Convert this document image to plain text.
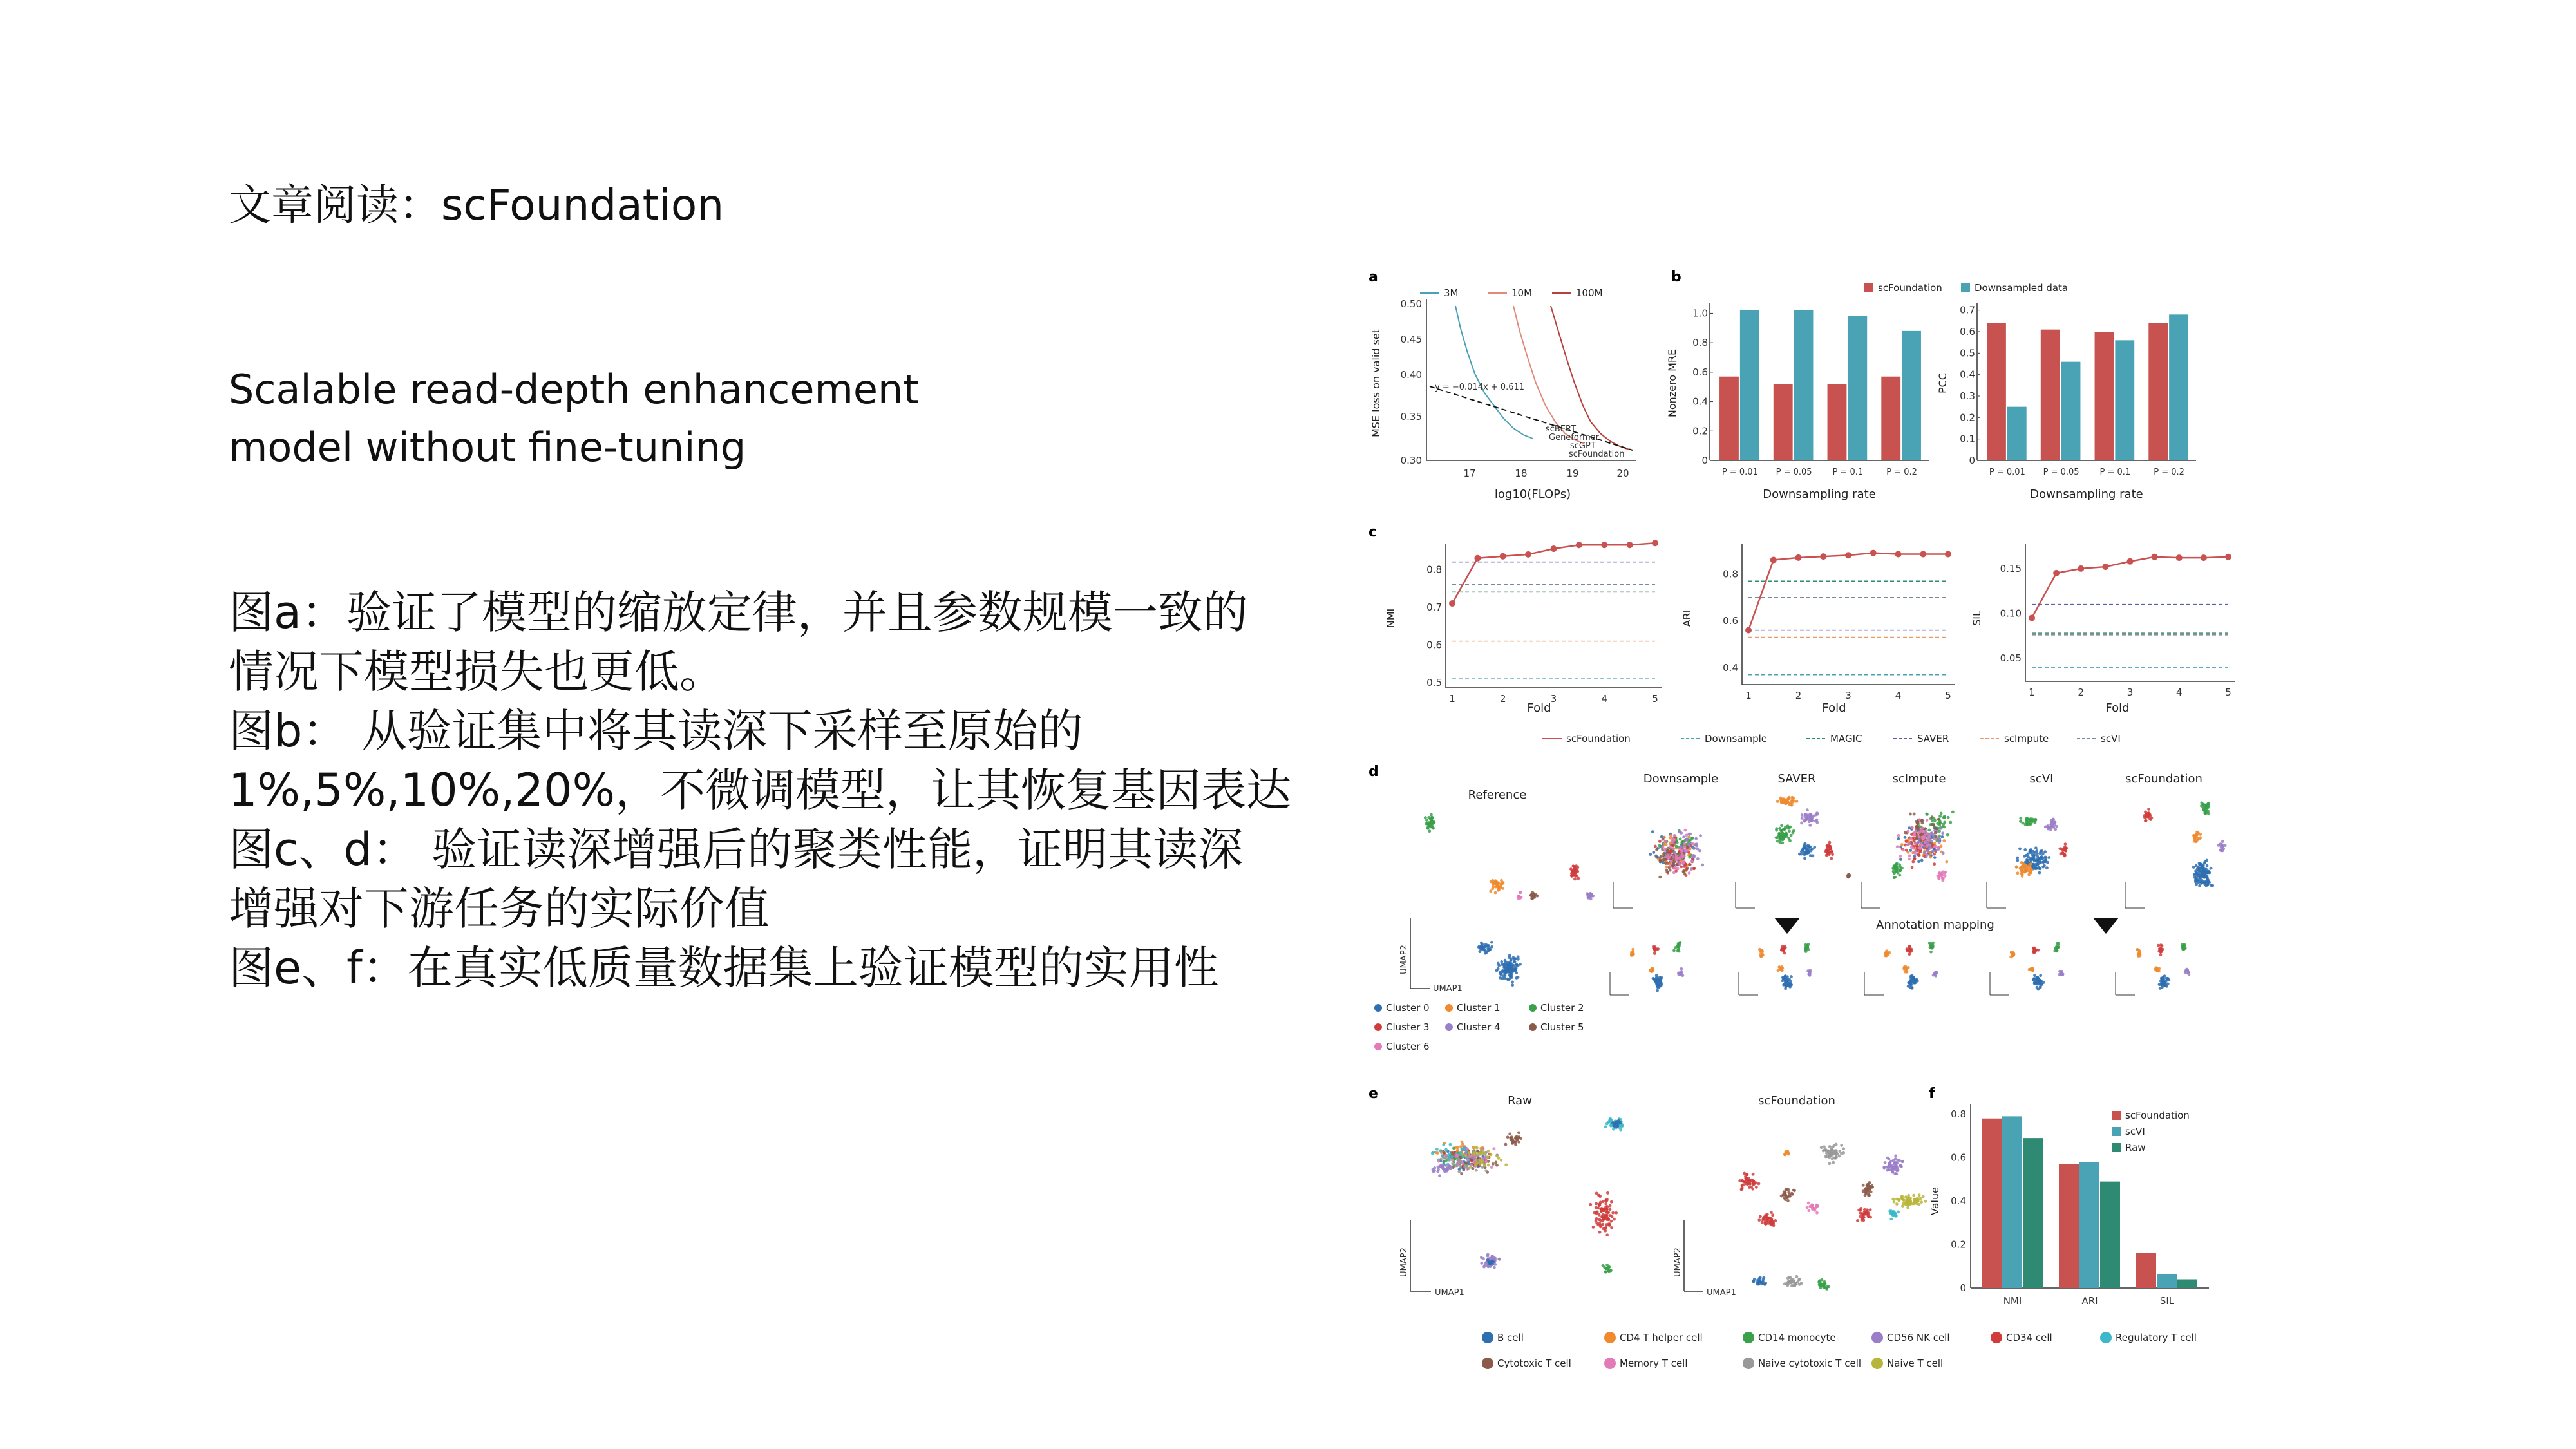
文章阅读：scFoundation
Scalable read-depth enhancement
model without fine-tuning
图a：验证了模型的缩放定律，并且参数规模一致的
情况下模型损失也更低。
图b： 从验证集中将其读深下采样至原始的
1%,5%,10%,20%，不微调模型，让其恢复基因表达
图c、d： 验证读深增强后的聚类性能，证明其读深
增强对下游任务的实际价值
图e、f：在真实低质量数据集上验证模型的实用性
a
3M	10M	100M
0.50
0.45
0.40
0.35
0.30
17	18	19	20
log10(FLOPs)
MSE loss on valid set	y = −0.014x + 0.611
scBERT
Geneformer
scGPT
scFoundation
b
scFoundation	Downsampled data
1.0
0.8
0.6
0.4
0.2
0
Nonzero MRE
P = 0.01 P = 0.05 P = 0.1	P = 0.2
Downsampling rate
0.7
0.6
0.5
0.4
0.3
0.2
0.1
0
PCC
P = 0.01 P = 0.05 P = 0.1	P = 0.2
Downsampling rate
c
0.8
0.7
0.6
0.5
1	2	3	4	5
0.8
0.6
0.4
1	2	3	4	5
0.15
0.10
0.05
1	2	3	4	5
NMI	ARI	SIL
Fold	Fold	Fold
scFoundation	Downsample	MAGIC	SAVER	scImpute	scVI
d
Reference
UMAP2
UMAP1
Downsample	SAVER	scImpute	scVI	scFoundation
Annotation mapping
Cluster 0	Cluster 1	Cluster 2
Cluster 3	Cluster 4	Cluster 5
Cluster 6
e	Raw	scFoundation
UMAP2
UMAP1
UMAP2
UMAP1
B cell	CD4 T helper cell	CD14 monocyte	CD56 NK cell	CD34 cell	Regulatory T cell
Cytotoxic T cell	Memory T cell	Naive cytotoxic T cell	Naive T cell
f
Value
0.8
0.6
0.4
0.2
0
NMI	ARI	SIL
scFoundation
scVI
Raw
